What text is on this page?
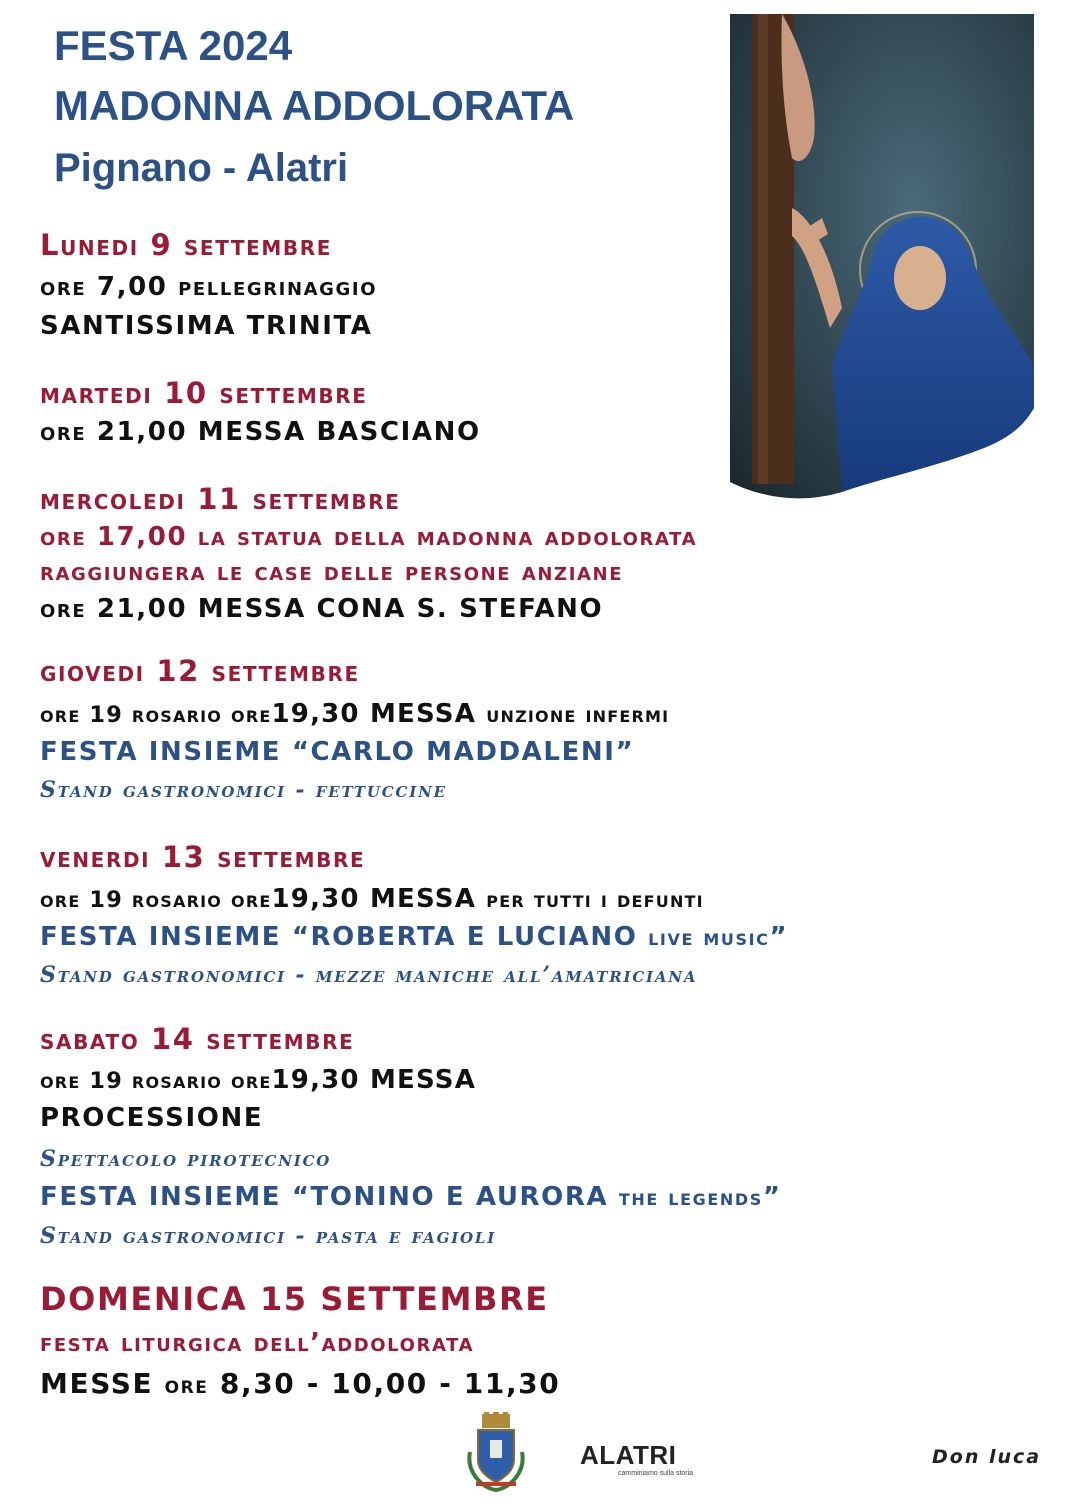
FESTA 2024
MADONNA ADDOLORATA
Pignano - Alatri

Lunedi 9 settembre

ore 7,00 pellegrinaggio

SANTISSIMA TRINITA

martedi 10 settembre

ore 21,00 MESSA BASCIANO

mercoledi 11 settembre

ore 17,00 la statua della madonna addolorata

raggiungera le case delle persone anziane

ore 21,00 MESSA CONA S. STEFANO

giovedi 12 settembre

ore 19 rosario ore19,30 MESSA unzione infermi

FESTA INSIEME “CARLO MADDALENI”

Stand gastronomici - fettuccine

venerdi 13 settembre

ore 19 rosario ore19,30 MESSA per tutti i defunti

FESTA INSIEME “ROBERTA E LUCIANO live music”

Stand gastronomici - mezze maniche all’amatriciana

sabato 14 settembre

ore 19 rosario ore19,30 MESSA

PROCESSIONE

Spettacolo pirotecnico

FESTA INSIEME “TONINO E AURORA the legends”

Stand gastronomici - pasta e fagioli

DOMENICA 15 SETTEMBRE

festa liturgica dell’addolorata

MESSE ore 8,30 - 10,00 - 11,30

ALATRI
camminiamo sulla storia
Don luca
